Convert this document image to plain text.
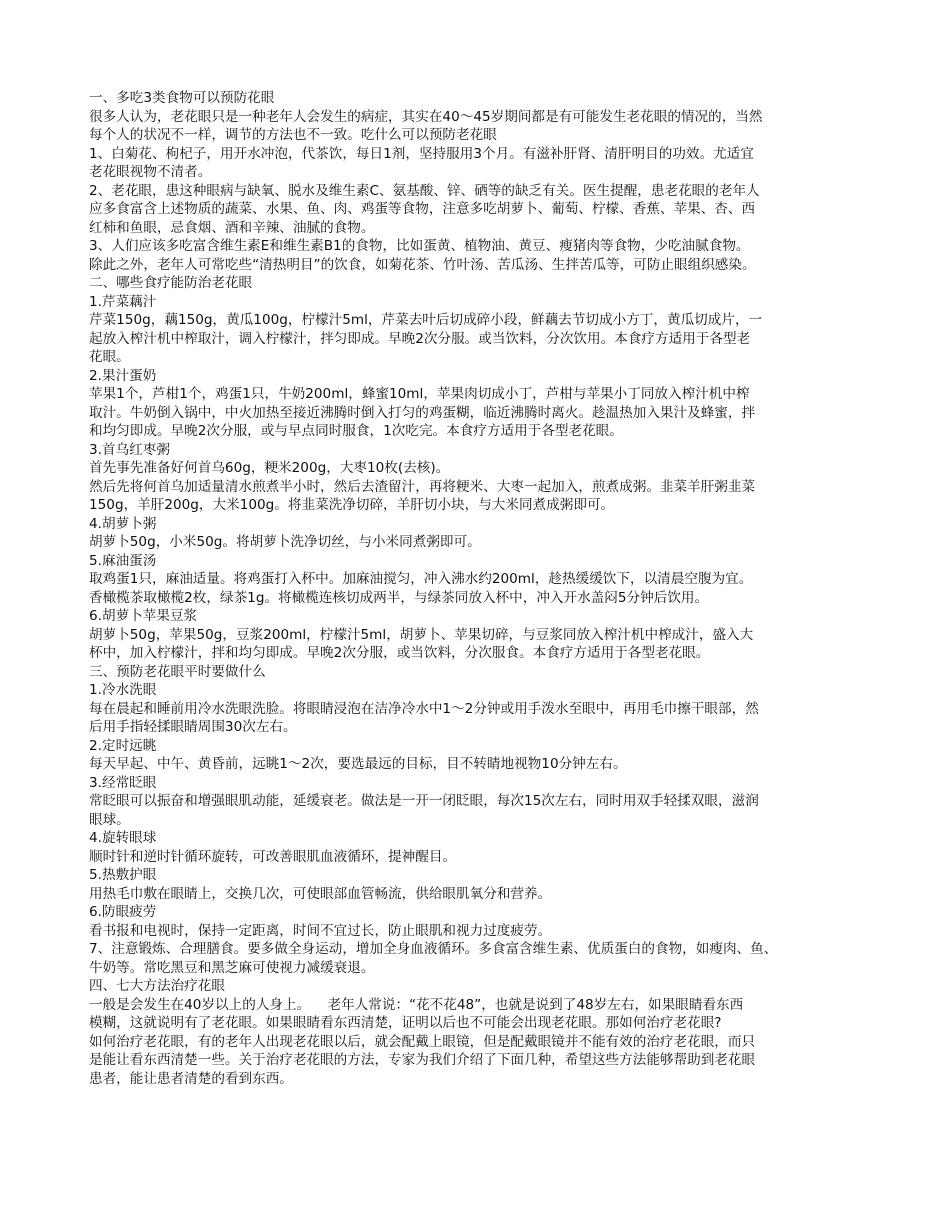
一、多吃3类食物可以预防花眼
很多人认为，老花眼只是一种老年人会发生的病症，其实在40～45岁期间都是有可能发生老花眼的情况的，当然
每个人的状况不一样，调节的方法也不一致。吃什么可以预防老花眼
1、白菊花、枸杞子，用开水冲泡，代茶饮，每日1剂，坚持服用3个月。有滋补肝肾、清肝明目的功效。尤适宜
老花眼视物不清者。
2、老花眼，患这种眼病与缺氧、脱水及维生素C、氨基酸、锌、硒等的缺乏有关。医生提醒，患老花眼的老年人
应多食富含上述物质的蔬菜、水果、鱼、肉、鸡蛋等食物，注意多吃胡萝卜、葡萄、柠檬、香蕉、苹果、杏、西
红柿和鱼眼，忌食烟、酒和辛辣、油腻的食物。
3、人们应该多吃富含维生素E和维生素B1的食物，比如蛋黄、植物油、黄豆、瘦猪肉等食物，少吃油腻食物。
除此之外，老年人可常吃些“清热明目”的饮食，如菊花茶、竹叶汤、苦瓜汤、生拌苦瓜等，可防止眼组织感染。
二、哪些食疗能防治老花眼
1.芹菜藕汁
芹菜150g，藕150g，黄瓜100g，柠檬汁5ml，芹菜去叶后切成碎小段，鲜藕去节切成小方丁，黄瓜切成片，一
起放入榨汁机中榨取汁，调入柠檬汁，拌匀即成。早晚2次分服。或当饮料，分次饮用。本食疗方适用于各型老
花眼。
2.果汁蛋奶
苹果1个，芦柑1个，鸡蛋1只，牛奶200ml，蜂蜜10ml，苹果肉切成小丁，芦柑与苹果小丁同放入榨汁机中榨
取汁。牛奶倒入锅中，中火加热至接近沸腾时倒入打匀的鸡蛋糊，临近沸腾时离火。趁温热加入果汁及蜂蜜，拌
和均匀即成。早晚2次分服，或与早点同时服食，1次吃完。本食疗方适用于各型老花眼。
3.首乌红枣粥
首先事先准备好何首乌60g，粳米200g，大枣10枚(去核)。
然后先将何首乌加适量清水煎煮半小时，然后去渣留汁，再将粳米、大枣一起加入，煎煮成粥。韭菜羊肝粥韭菜
150g，羊肝200g，大米100g。将韭菜洗净切碎，羊肝切小块，与大米同煮成粥即可。
4.胡萝卜粥
胡萝卜50g，小米50g。将胡萝卜洗净切丝，与小米同煮粥即可。
5.麻油蛋汤
取鸡蛋1只，麻油适量。将鸡蛋打入杯中。加麻油搅匀，冲入沸水约200ml，趁热缓缓饮下，以清晨空腹为宜。
香橄榄茶取橄榄2枚，绿茶1g。将橄榄连核切成两半，与绿茶同放入杯中，冲入开水盖闷5分钟后饮用。
6.胡萝卜苹果豆浆
胡萝卜50g，苹果50g，豆浆200ml，柠檬汁5ml，胡萝卜、苹果切碎，与豆浆同放入榨汁机中榨成汁，盛入大
杯中，加入柠檬汁，拌和均匀即成。早晚2次分服，或当饮料，分次服食。本食疗方适用于各型老花眼。
三、预防老花眼平时要做什么
1.冷水洗眼
每在晨起和睡前用冷水洗眼洗脸。将眼睛浸泡在洁净冷水中1～2分钟或用手泼水至眼中，再用毛巾擦干眼部，然
后用手指轻揉眼睛周围30次左右。
2.定时远眺
每天早起、中午、黄昏前，远眺1～2次，要选最远的目标，目不转睛地视物10分钟左右。
3.经常眨眼
常眨眼可以振奋和增强眼肌动能，延缓衰老。做法是一开一闭眨眼，每次15次左右，同时用双手轻揉双眼，滋润
眼球。
4.旋转眼球
顺时针和逆时针循环旋转，可改善眼肌血液循环，提神醒目。
5.热敷护眼
用热毛巾敷在眼睛上，交换几次，可使眼部血管畅流，供给眼肌氧分和营养。
6.防眼疲劳
看书报和电视时，保持一定距离，时间不宜过长，防止眼肌和视力过度疲劳。
7、注意锻炼、合理膳食。要多做全身运动，增加全身血液循环。多食富含维生素、优质蛋白的食物，如瘦肉、鱼、
牛奶等。常吃黑豆和黑芝麻可使视力减缓衰退。
四、七大方法治疗花眼
一般是会发生在40岁以上的人身上。    老年人常说：“花不花48”，也就是说到了48岁左右，如果眼睛看东西
模糊，这就说明有了老花眼。如果眼睛看东西清楚，证明以后也不可能会出现老花眼。那如何治疗老花眼?
如何治疗老花眼，有的老年人出现老花眼以后，就会配戴上眼镜，但是配戴眼镜并不能有效的治疗老花眼，而只
是能让看东西清楚一些。关于治疗老花眼的方法，专家为我们介绍了下面几种，希望这些方法能够帮助到老花眼
患者，能让患者清楚的看到东西。
